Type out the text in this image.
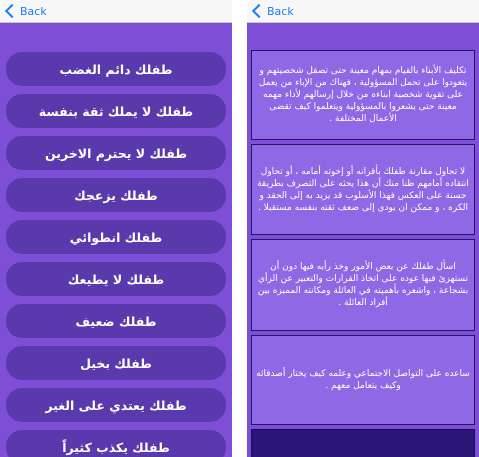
Back
طفلك دائم الغضب
طفلك لا يملك ثقة بنفسة
طفلك لا يحترم الاخرين
طفلك يزعجك
طفلك انطوائي
طفلك لا يطيعك
طفلك ضعيف
طفلك بخيل
طفلك يعتدي على الغير
طفلك يكذب كثيراً
تكليف الأبناء بالقيام بمهام معينة حتى تصقل شخصيتهم و يتعودوا على تحمل المسؤولية ، فهناك من الإباء من يعمل على تقوية شخصية ابناءه من خلال إرسالهم لأداء مهمه معينة حتى يشعروا بالمسؤولية ويتعلموا كيف تقضى الأعمال المختلفة .
لا تحاول مقارنة طفلك بأقرانه أو إخوته أمامه ، أو تحاول انتقاده أمامهم ظنا منك أن هذا يحثه على التصرف بطريقة حسنة على العكس فهذا الأسلوب قد يزيد به إلى الحقد و الكره ، و ممكن ان يودي إلى ضعف ثقته بنفسه مستقبلا .
اسأل طفلك عن بعض الأمور وخذ رأيه فيها دون أن تستهزئ فيها عوده على اتخاذ القرارات والتعبير عن الرأي بشجاعة ، واشعره بأهميته في العائلة ومكانته المميزه بين أفراد العائلة .
ساعده على التواصل الاجتماعي وعلمه كيف يختار أصدقائه وكيف يتعامل معهم .
Back
